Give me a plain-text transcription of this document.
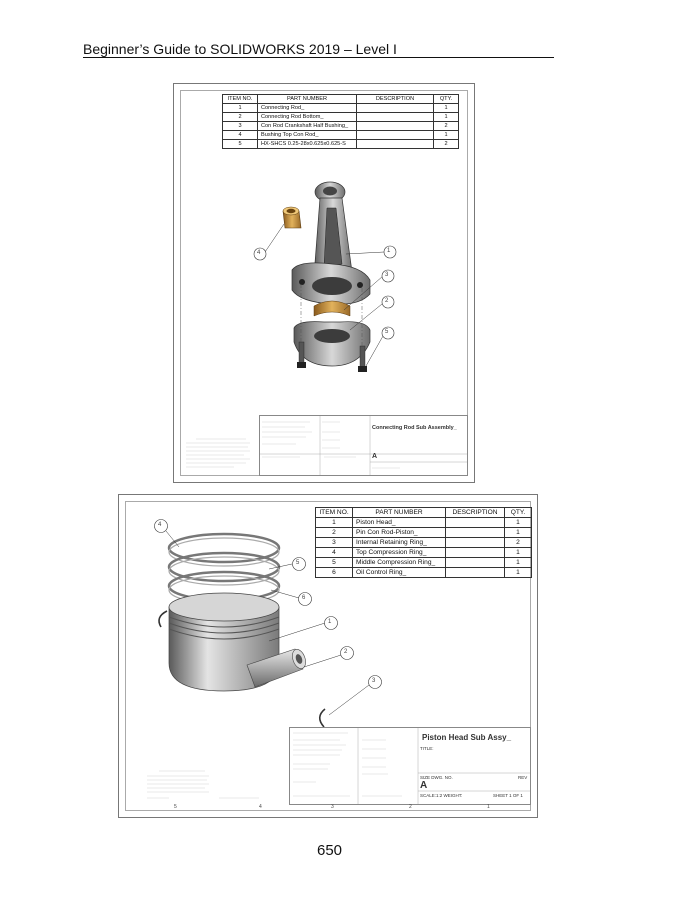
Beginner’s Guide to SOLIDWORKS 2019 – Level I
ITEM NO.	PART NUMBER	DESCRIPTION	QTY.
1	Connecting Rod_		1
2	Connecting Rod Bottom_		1
3	Con Rod Crankshaft Half Bushing_		2
4	Bushing Top Con Rod_		1
5	HX-SHCS 0.25-28x0.625x0.625-S		2
4	1
3
2
5
Connecting Rod Sub Assembly_
A
ITEM NO.	PART NUMBER	DESCRIPTION	QTY.
1	Piston Head_		1
2	Pin Con Rod-Piston_		1
3	Internal Retaining Ring_		2
4	Top Compression Ring_		1
5	Middle Compression Ring_		1
6	Oil Control Ring_		1
4
5
6
1
2
3
Piston Head Sub Assy_
TITLE:
SIZE DWG. NO.	REV
A
SCALE:1:2 WEIGHT:	SHEET 1 OF 1
5	4	3	2	1
650
